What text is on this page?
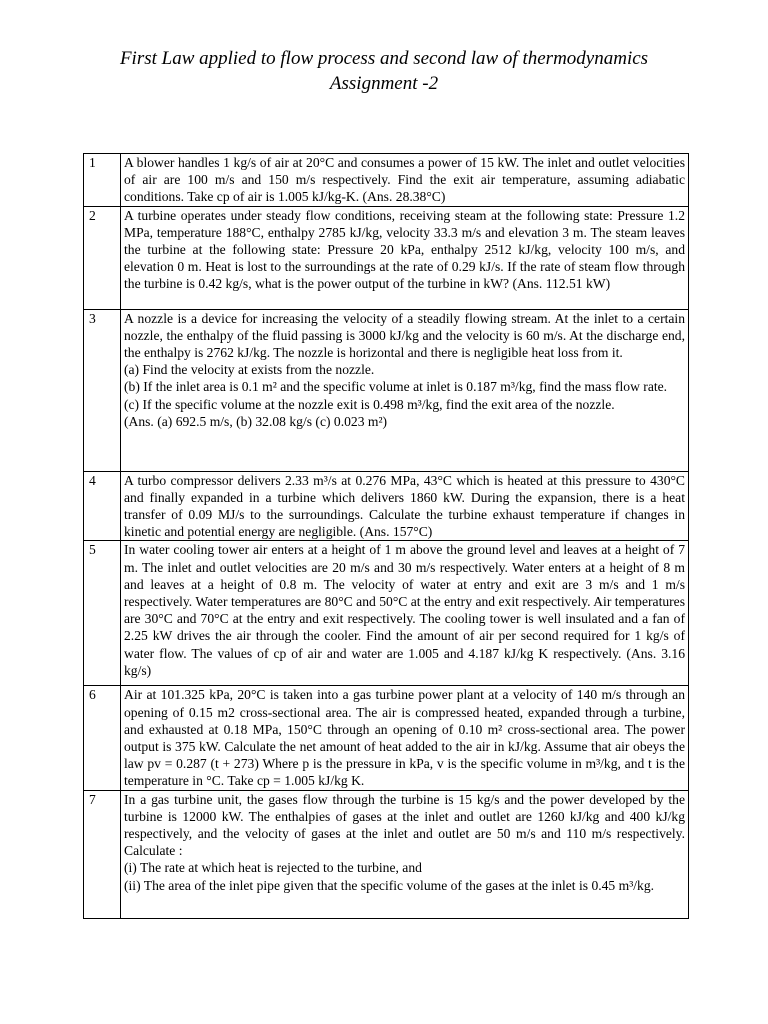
First Law applied to flow process and second law of thermodynamics
Assignment -2
1	A blower handles 1 kg/s of air at 20°C and consumes a power of 15 kW. The inlet and outlet velocities of air are 100 m/s and 150 m/s respectively. Find the exit air temperature, assuming adiabatic conditions. Take cp of air is 1.005 kJ/kg-K. (Ans. 28.38°C)

2	A turbine operates under steady flow conditions, receiving steam at the following state: Pressure 1.2 MPa, temperature 188°C, enthalpy 2785 kJ/kg, velocity 33.3 m/s and elevation 3 m. The steam leaves the turbine at the following state: Pressure 20 kPa, enthalpy 2512 kJ/kg, velocity 100 m/s, and elevation 0 m. Heat is lost to the surroundings at the rate of 0.29 kJ/s. If the rate of steam flow through the turbine is 0.42 kg/s, what is the power output of the turbine in kW? (Ans. 112.51 kW)

3	A nozzle is a device for increasing the velocity of a steadily flowing stream. At the inlet to a certain nozzle, the enthalpy of the fluid passing is 3000 kJ/kg and the velocity is 60 m/s. At the discharge end, the enthalpy is 2762 kJ/kg. The nozzle is horizontal and there is negligible heat loss from it.
(a) Find the velocity at exists from the nozzle.
(b) If the inlet area is 0.1 m² and the specific volume at inlet is 0.187 m³/kg, find the mass flow rate.
(c) If the specific volume at the nozzle exit is 0.498 m³/kg, find the exit area of the nozzle.
(Ans. (a) 692.5 m/s, (b) 32.08 kg/s (c) 0.023 m²)

4	A turbo compressor delivers 2.33 m³/s at 0.276 MPa, 43°C which is heated at this pressure to 430°C and finally expanded in a turbine which delivers 1860 kW. During the expansion, there is a heat transfer of 0.09 MJ/s to the surroundings. Calculate the turbine exhaust temperature if changes in kinetic and potential energy are negligible. (Ans. 157°C)

5	In water cooling tower air enters at a height of 1 m above the ground level and leaves at a height of 7 m. The inlet and outlet velocities are 20 m/s and 30 m/s respectively. Water enters at a height of 8 m and leaves at a height of 0.8 m. The velocity of water at entry and exit are 3 m/s and 1 m/s respectively. Water temperatures are 80°C and 50°C at the entry and exit respectively. Air temperatures are 30°C and 70°C at the entry and exit respectively. The cooling tower is well insulated and a fan of 2.25 kW drives the air through the cooler. Find the amount of air per second required for 1 kg/s of water flow. The values of cp of air and water are 1.005 and 4.187 kJ/kg K respectively. (Ans. 3.16 kg/s)

6	Air at 101.325 kPa, 20°C is taken into a gas turbine power plant at a velocity of 140 m/s through an opening of 0.15 m2 cross-sectional area. The air is compressed heated, expanded through a turbine, and exhausted at 0.18 MPa, 150°C through an opening of 0.10 m² cross-sectional area. The power output is 375 kW. Calculate the net amount of heat added to the air in kJ/kg. Assume that air obeys the law pv = 0.287 (t + 273) Where p is the pressure in kPa, v is the specific volume in m³/kg, and t is the temperature in °C. Take cp = 1.005 kJ/kg K.

7	In a gas turbine unit, the gases flow through the turbine is 15 kg/s and the power developed by the turbine is 12000 kW. The enthalpies of gases at the inlet and outlet are 1260 kJ/kg and 400 kJ/kg respectively, and the velocity of gases at the inlet and outlet are 50 m/s and 110 m/s respectively. Calculate :
(i) The rate at which heat is rejected to the turbine, and
(ii) The area of the inlet pipe given that the specific volume of the gases at the inlet is 0.45 m³/kg.
